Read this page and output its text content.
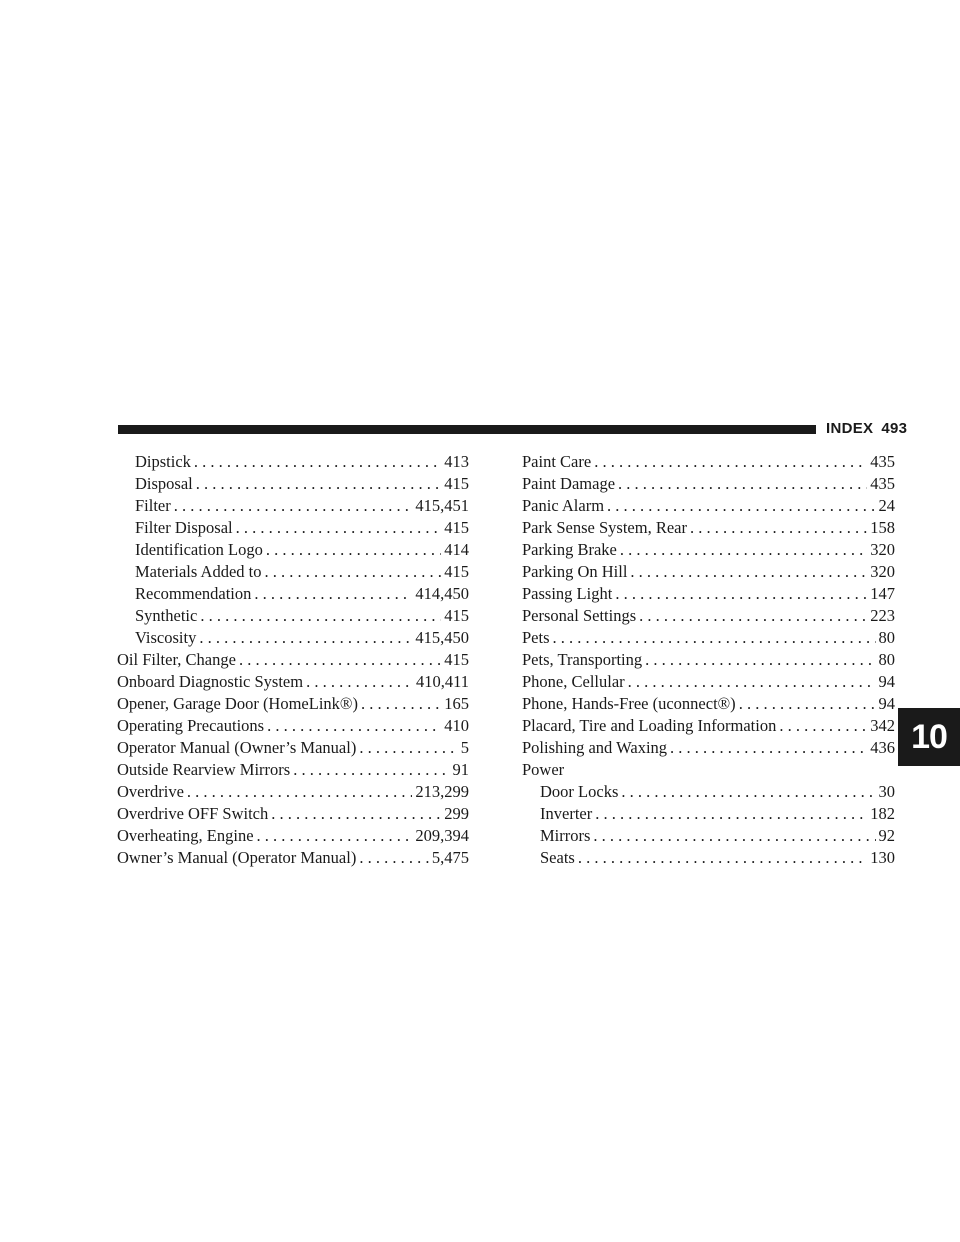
INDEX 493
Dipstick . . .	413
Disposal . . .	415
Filter . . .	415,451
Filter Disposal . . .	415
Identification Logo . . .	414
Materials Added to . . .	415
Recommendation . . .	414,450
Synthetic . . .	415
Viscosity . . .	415,450
Oil Filter, Change . . .	415
Onboard Diagnostic System . . .	410,411
Opener, Garage Door (HomeLink®) . . .	165
Operating Precautions . . .	410
Operator Manual (Owner’s Manual) . . .	5
Outside Rearview Mirrors . . .	91
Overdrive . . .	213,299
Overdrive OFF Switch . . .	299
Overheating, Engine . . .	209,394
Owner’s Manual (Operator Manual) . . .	5,475
Paint Care . . .	435
Paint Damage . . .	435
Panic Alarm . . .	24
Park Sense System, Rear . . .	158
Parking Brake . . .	320
Parking On Hill . . .	320
Passing Light . . .	147
Personal Settings . . .	223
Pets . . .	80
Pets, Transporting . . .	80
Phone, Cellular . . .	94
Phone, Hands-Free (uconnect®) . . .	94
Placard, Tire and Loading Information . . .	342
Polishing and Waxing . . .	436
Power
Door Locks . . .	30
Inverter . . .	182
Mirrors . . .	92
Seats . . .	130
10
